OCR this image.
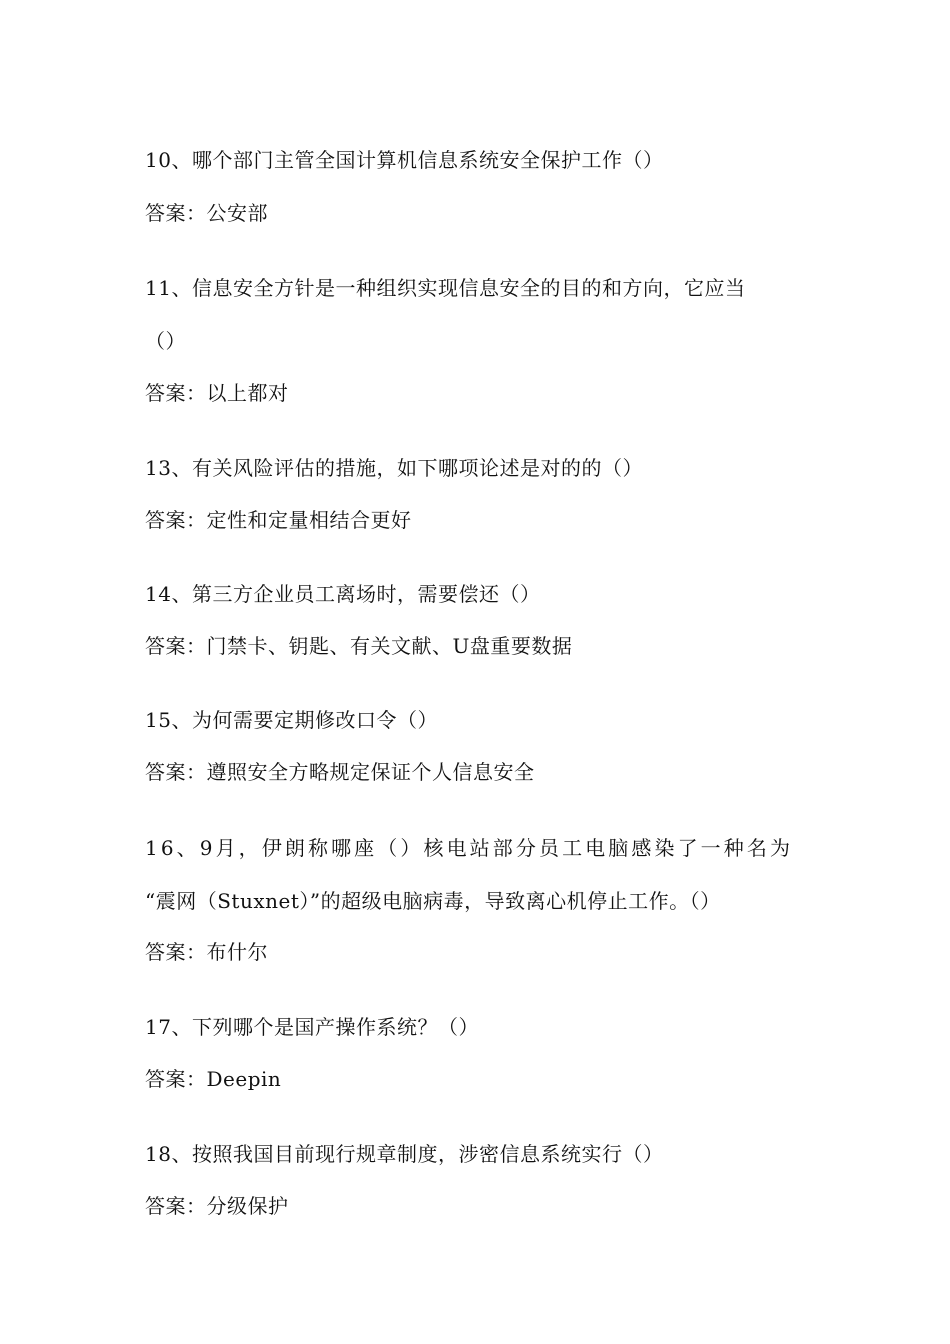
10、哪个部门主管全国计算机信息系统安全保护工作（）
答案：公安部
11、信息安全方针是一种组织实现信息安全的目的和方向，它应当
（）
答案：以上都对
13、有关风险评估的措施，如下哪项论述是对的的（）
答案：定性和定量相结合更好
14、第三方企业员工离场时，需要偿还（）
答案：门禁卡、钥匙、有关文献、U盘重要数据
15、为何需要定期修改口令（）
答案：遵照安全方略规定保证个人信息安全
16、9月，伊朗称哪座（）核电站部分员工电脑感染了一种名为
“震网（Stuxnet）”的超级电脑病毒，导致离心机停止工作。（）
答案：布什尔
17、下列哪个是国产操作系统？（）
答案：Deepin
18、按照我国目前现行规章制度，涉密信息系统实行（）
答案：分级保护
